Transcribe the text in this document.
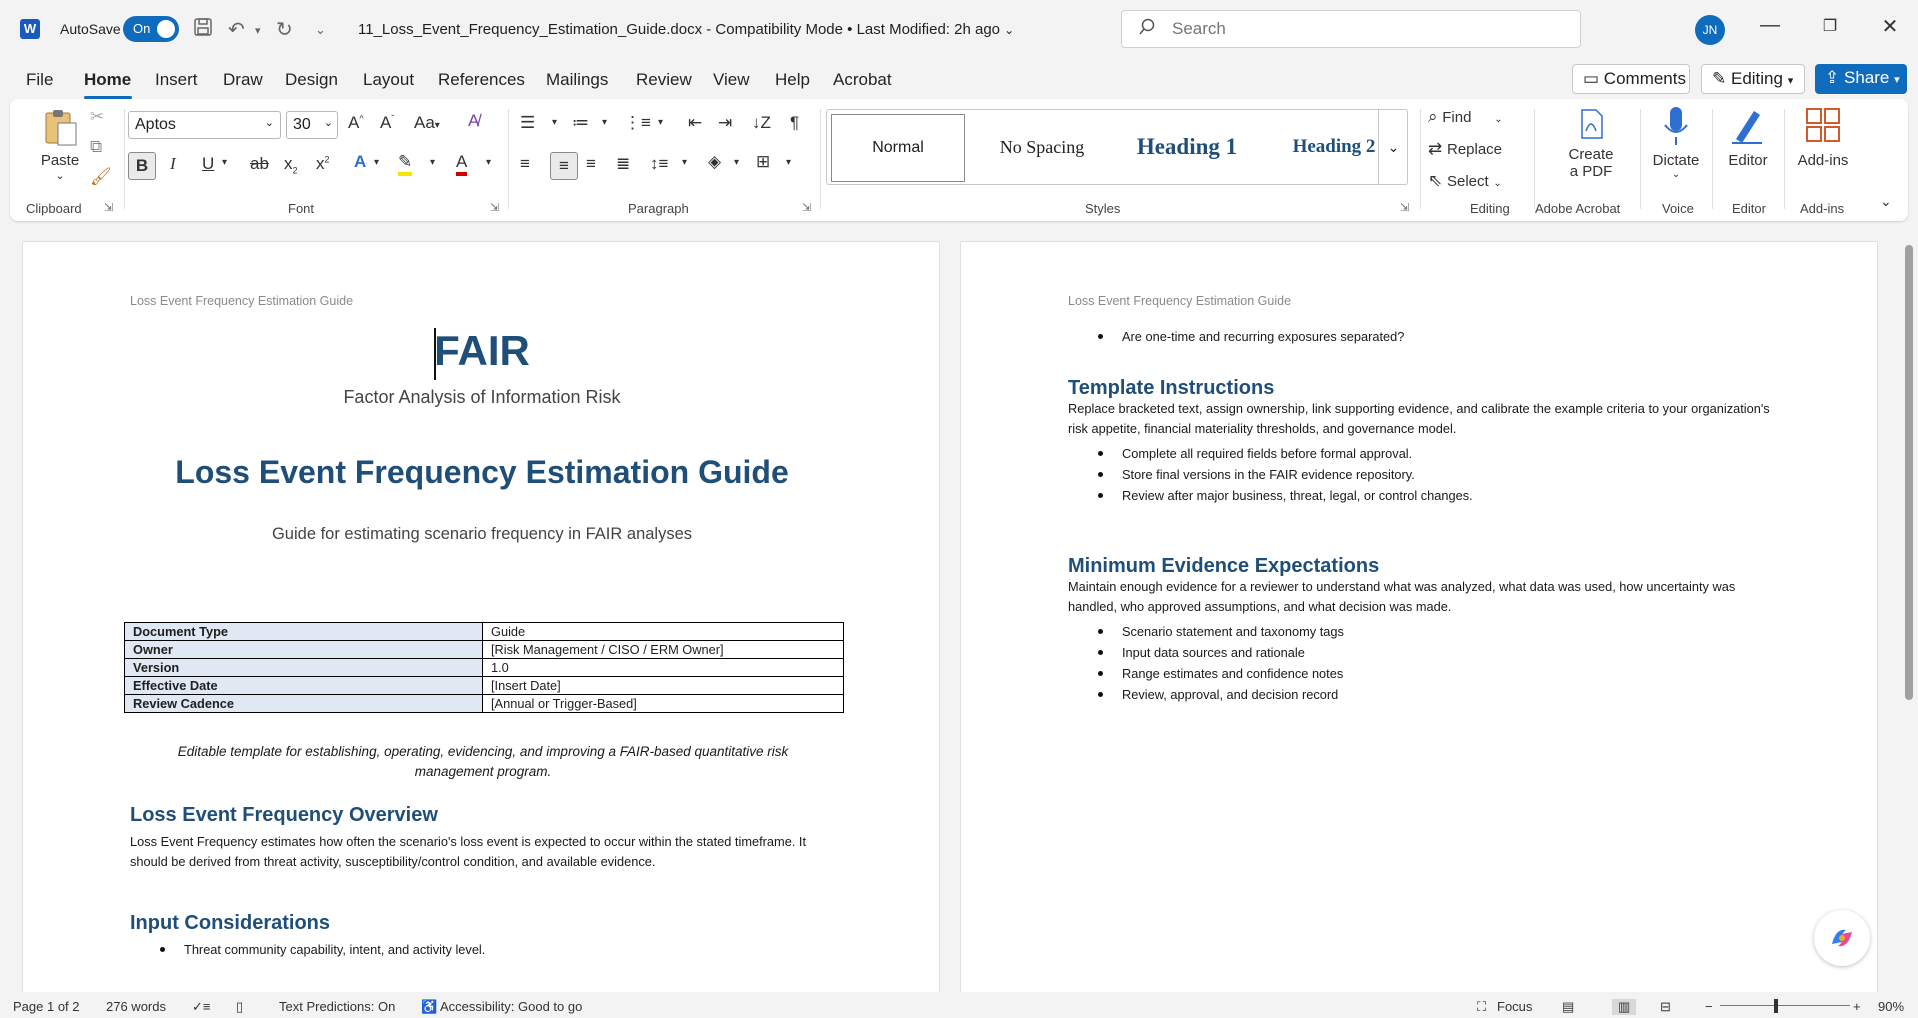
W AutoSave On	↶ ▾ ↻ ⌄ 11_Loss_Event_Frequency_Estimation_Guide.docx - Compatibility Mode • Last Modified: 2h ago ⌄
Search	JN	—	❐	✕
File Home Insert Draw Design Layout References Mailings Review View Help Acrobat	▭ Comments	✎ Editing ▾	⇪ Share ▾
Paste
⌄
✂
⧉
🖌
Clipboard ⇲
Aptos	⌄	30 ⌄ A^ $A^ˇ$ Aa▾ A̸
B	I U ▾ ab $x_2$ $x^2$ A ▾ ✎ ▾ A ▾
Font	⇲
☰ ▾ ≔ ▾ ⋮≡ ▾ ⇤ ⇥ ↓Z ¶
≡	≡	≡ ≣ ↕≡ ▾ ◈ ▾ ⊞ ▾
Paragraph	⇲
Normal	No Spacing	Heading 1	Heading 2 ⌄
Styles	⇲
⌕ Find ⌄
⇄ Replace
⇖ Select ⌄
Editing
Create
a PDF
Adobe Acrobat
Dictate
⌄
Voice
Editor
Editor
Add-ins
Add-ins	⌄
Loss Event Frequency Estimation Guide
FAIR
Factor Analysis of Information Risk
Loss Event Frequency Estimation Guide
Guide for estimating scenario frequency in FAIR analyses
Document Type	Guide
Owner	[Risk Management / CISO / ERM Owner]
Version	1.0
Effective Date	[Insert Date]
Review Cadence	[Annual or Trigger-Based]
Editable template for establishing, operating, evidencing, and improving a FAIR-based quantitative risk management program.
Loss Event Frequency Overview
Loss Event Frequency estimates how often the scenario's loss event is expected to occur within the stated timeframe. It should be derived from threat activity, susceptibility/control condition, and available evidence.
Input Considerations
Threat community capability, intent, and activity level.
Loss Event Frequency Estimation Guide
Are one-time and recurring exposures separated?
Template Instructions
Replace bracketed text, assign ownership, link supporting evidence, and calibrate the example criteria to your organization's risk appetite, financial materiality thresholds, and governance model.
Complete all required fields before formal approval.
Store final versions in the FAIR evidence repository.
Review after major business, threat, legal, or control changes.
Minimum Evidence Expectations
Maintain enough evidence for a reviewer to understand what was analyzed, what data was used, how uncertainty was handled, who approved assumptions, and what decision was made.
Scenario statement and taxonomy tags
Input data sources and rationale
Range estimates and confidence notes
Review, approval, and decision record
Page 1 of 2 276 words ✓≡ ▯	Text Predictions: On ♿ Accessibility: Good to go	⛶ Focus ▤	▥	⊟	−	+ 90%
